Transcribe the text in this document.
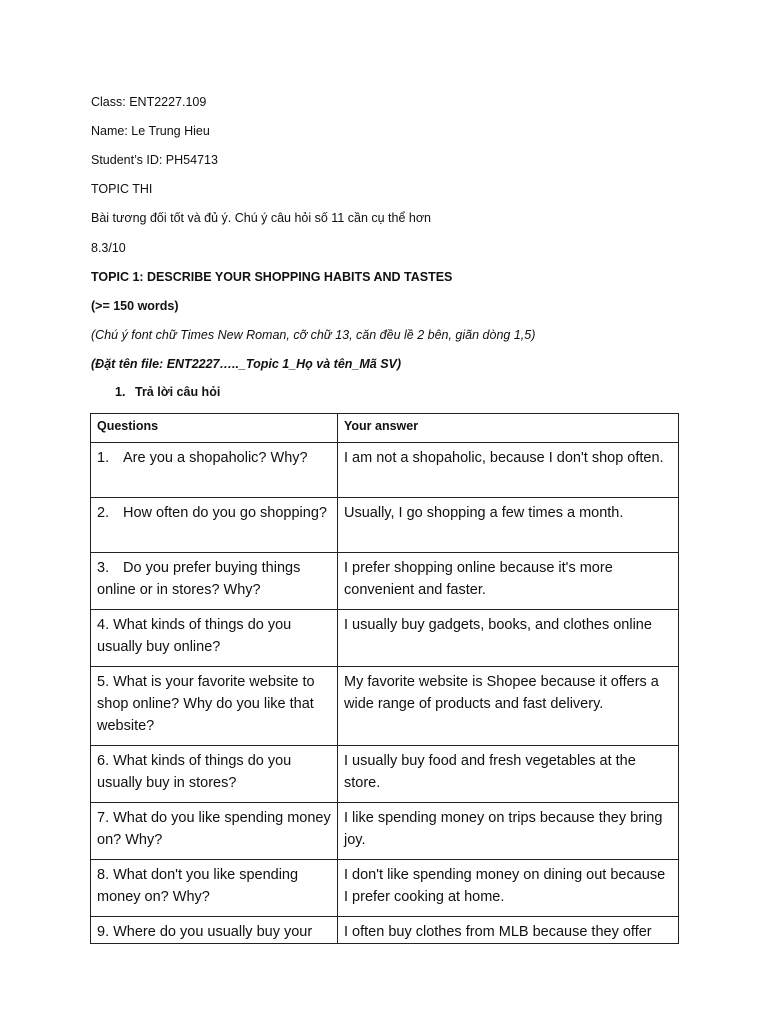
Class: ENT2227.109
Name: Le Trung Hieu
Student’s ID: PH54713
TOPIC THI
Bài tương đối tốt và đủ ý. Chú ý câu hỏi số 11 cần cụ thể hơn
8.3/10
TOPIC 1: DESCRIBE YOUR SHOPPING HABITS AND TASTES
(>= 150 words)
(Chú ý font chữ Times New Roman, cỡ chữ 13, căn đều lề 2 bên, giãn dòng 1,5)
(Đặt tên file: ENT2227….._Topic 1_Họ và tên_Mã SV)
1. Trả lời câu hỏi
Questions	Your answer
1. Are you a shopaholic? Why?	I am not a shopaholic, because I don't shop often.
2. How often do you go shopping?	Usually, I go shopping a few times a month.
3. Do you prefer buying things online or in stores? Why?	I prefer shopping online because it's more convenient and faster.
4. What kinds of things do you usually buy online?	I usually buy gadgets, books, and clothes online
5. What is your favorite website to shop online? Why do you like that website?	My favorite website is Shopee because it offers a wide range of products and fast delivery.
6. What kinds of things do you usually buy in stores?	I usually buy food and fresh vegetables at the store.
7. What do you like spending money on? Why?	I like spending money on trips because they bring joy.
8. What don't you like spending money on? Why?	I don't like spending money on dining out because I prefer cooking at home.
9. Where do you usually buy your	I often buy clothes from MLB because they offer
